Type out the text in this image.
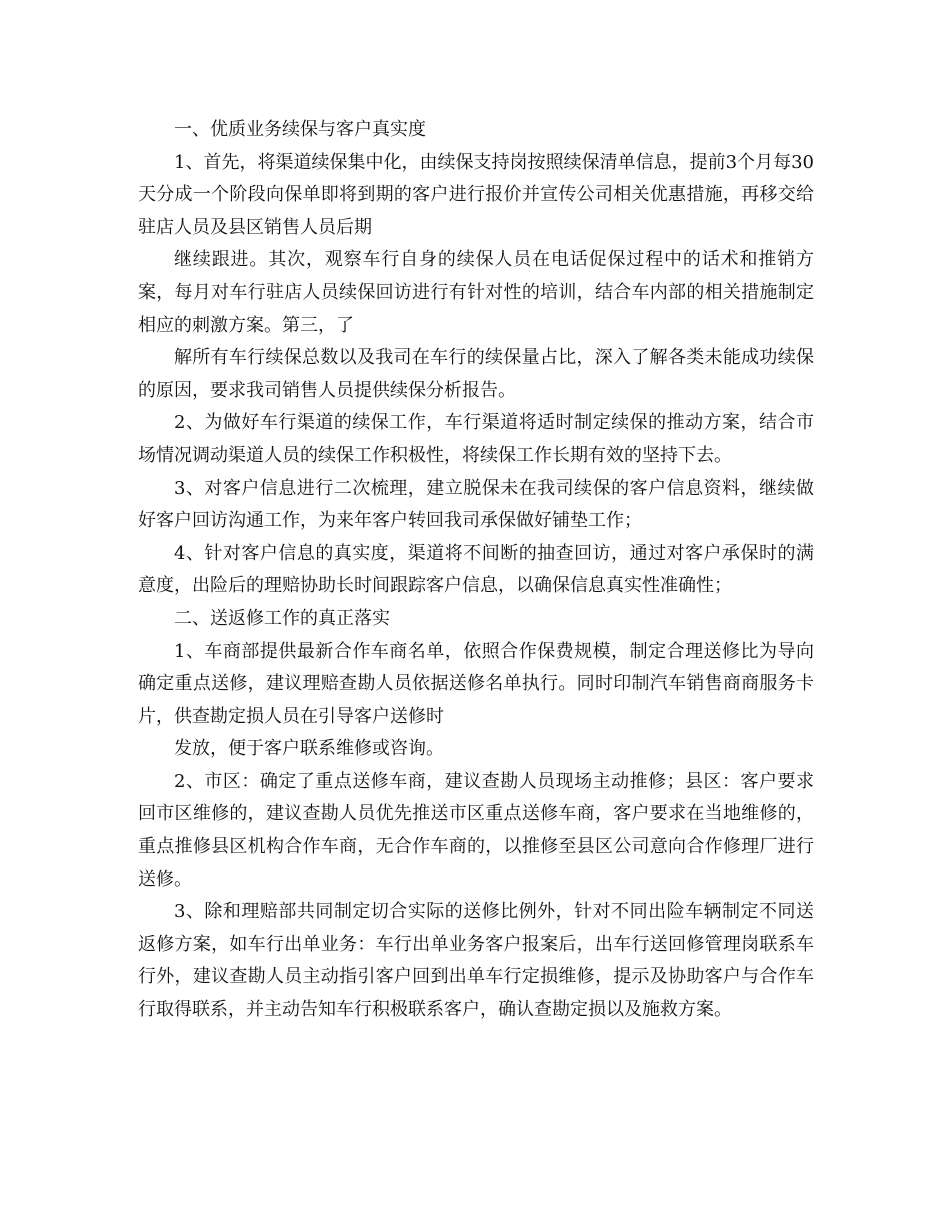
一、优质业务续保与客户真实度

1、首先，将渠道续保集中化，由续保支持岗按照续保清单信息，提前3个月每30天分成一个阶段向保单即将到期的客户进行报价并宣传公司相关优惠措施，再移交给驻店人员及县区销售人员后期

继续跟进。其次，观察车行自身的续保人员在电话促保过程中的话术和推销方案，每月对车行驻店人员续保回访进行有针对性的培训，结合车内部的相关措施制定相应的刺激方案。第三，了

解所有车行续保总数以及我司在车行的续保量占比，深入了解各类未能成功续保的原因，要求我司销售人员提供续保分析报告。

2、为做好车行渠道的续保工作，车行渠道将适时制定续保的推动方案，结合市场情况调动渠道人员的续保工作积极性，将续保工作长期有效的坚持下去。

3、对客户信息进行二次梳理，建立脱保未在我司续保的客户信息资料，继续做好客户回访沟通工作，为来年客户转回我司承保做好铺垫工作；

4、针对客户信息的真实度，渠道将不间断的抽查回访，通过对客户承保时的满意度，出险后的理赔协助长时间跟踪客户信息，以确保信息真实性准确性；

二、送返修工作的真正落实

1、车商部提供最新合作车商名单，依照合作保费规模，制定合理送修比为导向确定重点送修，建议理赔查勘人员依据送修名单执行。同时印制汽车销售商商服务卡片，供查勘定损人员在引导客户送修时

发放，便于客户联系维修或咨询。

2、市区：确定了重点送修车商，建议查勘人员现场主动推修；县区：客户要求回市区维修的，建议查勘人员优先推送市区重点送修车商，客户要求在当地维修的，重点推修县区机构合作车商，无合作车商的，以推修至县区公司意向合作修理厂进行送修。

3、除和理赔部共同制定切合实际的送修比例外，针对不同出险车辆制定不同送返修方案，如车行出单业务：车行出单业务客户报案后，出车行送回修管理岗联系车行外，建议查勘人员主动指引客户回到出单车行定损维修，提示及协助客户与合作车行取得联系，并主动告知车行积极联系客户，确认查勘定损以及施救方案。
